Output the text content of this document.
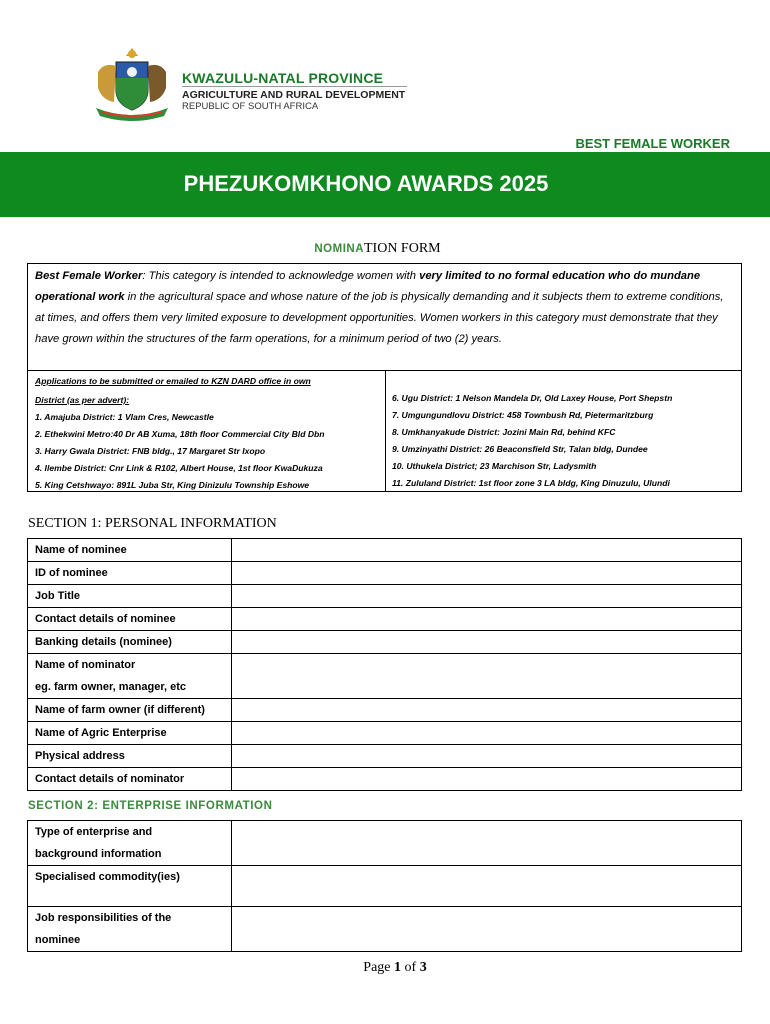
KWAZULU-NATAL PROVINCE
AGRICULTURE AND RURAL DEVELOPMENT
REPUBLIC OF SOUTH AFRICA
BEST FEMALE WORKER
PHEZUKOMKHONO AWARDS 2025
NOMINATION FORM
Best Female Worker: This category is intended to acknowledge women with very limited to no formal education who do mundane operational work in the agricultural space and whose nature of the job is physically demanding and it subjects them to extreme conditions, at times, and offers them very limited exposure to development opportunities. Women workers in this category must demonstrate that they have grown within the structures of the farm operations, for a minimum period of two (2) years.
Applications to be submitted or emailed to KZN DARD office in own
District (as per advert):
1. Amajuba District: 1 Vlam Cres, Newcastle
2. Ethekwini Metro:40 Dr AB Xuma, 18th floor Commercial City Bld Dbn
3. Harry Gwala District: FNB bldg., 17 Margaret Str Ixopo
4. Ilembe District: Cnr Link & R102, Albert House, 1st floor KwaDukuza
5. King Cetshwayo: 891L Juba Str, King Dinizulu Township Eshowe

6. Ugu District: 1 Nelson Mandela Dr, Old Laxey House, Port Shepstn
7. Umgungundlovu District: 458 Townbush Rd, Pietermaritzburg
8. Umkhanyakude District: Jozini Main Rd, behind KFC
9. Umzinyathi District: 26 Beaconsfield Str, Talan bldg, Dundee
10. Uthukela District; 23 Marchison Str, Ladysmith
11. Zululand District: 1st floor zone 3 LA bldg, King Dinuzulu, Ulundi
SECTION 1: PERSONAL INFORMATION
Name of nominee	
ID of nominee	
Job Title	
Contact details of nominee	
Banking details (nominee)	

Name of nominator
eg. farm owner, manager, etc	

Name of farm owner (if different)	
Name of Agric Enterprise	
Physical address	
Contact details of nominator	
SECTION 2: ENTERPRISE INFORMATION
Type of enterprise and
background information	

Specialised commodity(ies)	

Job responsibilities of the
nominee	

Page 1 of 3
